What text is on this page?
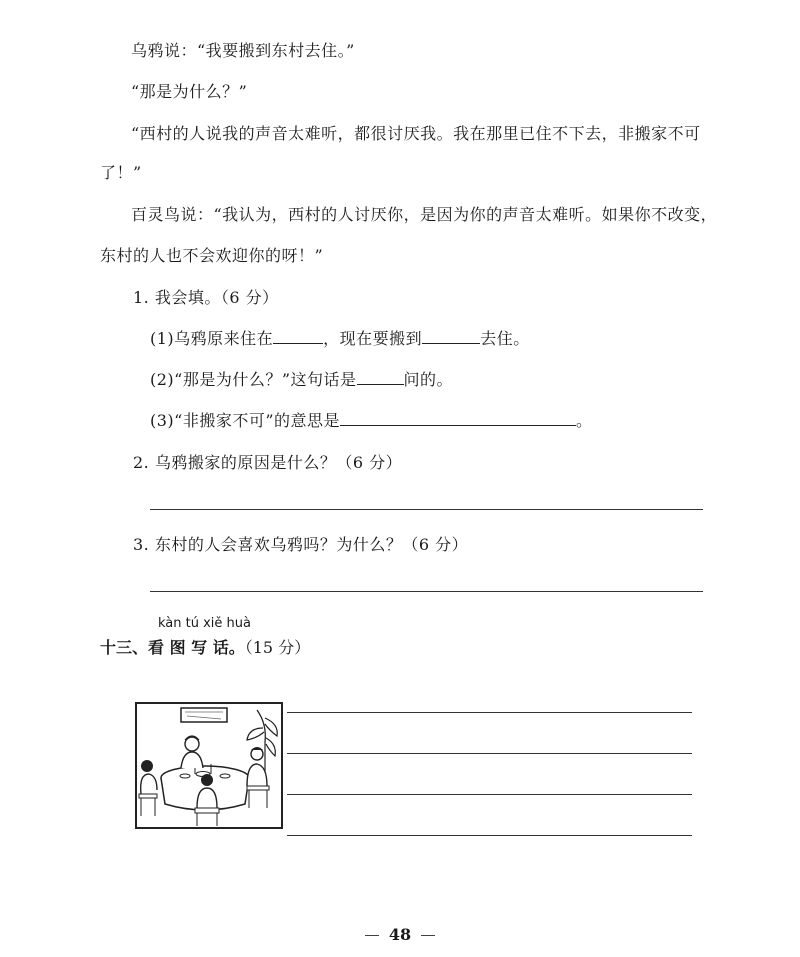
乌鸦说：“我要搬到东村去住。”
“那是为什么？”
“西村的人说我的声音太难听，都很讨厌我。我在那里已住不下去，非搬家不可
了！”
百灵鸟说：“我认为，西村的人讨厌你，是因为你的声音太难听。如果你不改变，
东村的人也不会欢迎你的呀！”
1. 我会填。（6 分）
(1)乌鸦原来住在	，现在要搬到	去住。
(2)“那是为什么？”这句话是	问的。
(3)“非搬家不可”的意思是	。
2. 乌鸦搬家的原因是什么？（6 分）
3. 东村的人会喜欢乌鸦吗？为什么？（6 分）
kàn tú xiě huà
十三、看 图 写 话。（15 分）
48
